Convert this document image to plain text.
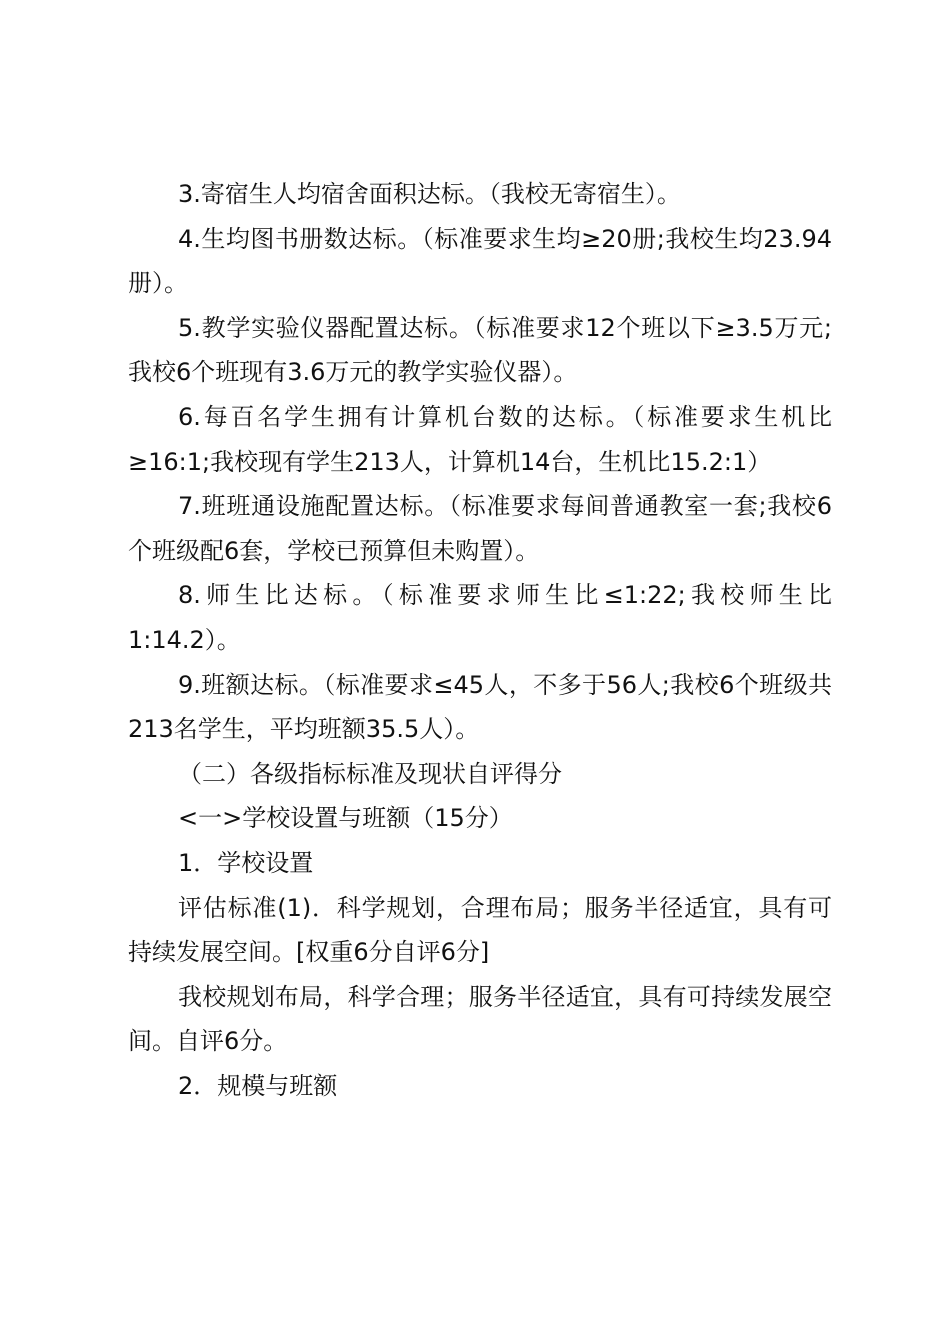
3.寄宿生人均宿舍面积达标。（我校无寄宿生）。

4.生均图书册数达标。（标准要求生均≥20册;我校生均23.94册）。

5.教学实验仪器配置达标。（标准要求12个班以下≥3.5万元;我校6个班现有3.6万元的教学实验仪器）。

6.每百名学生拥有计算机台数的达标。（标准要求生机比≥16:1;我校现有学生213人，计算机14台，生机比15.2:1）

7.班班通设施配置达标。（标准要求每间普通教室一套;我校6个班级配6套，学校已预算但未购置）。

8.师生比达标。（标准要求师生比≤1:22;我校师生比1:14.2）。

9.班额达标。（标准要求≤45人，不多于56人;我校6个班级共213名学生，平均班额35.5人）。

（二）各级指标标准及现状自评得分

<一>学校设置与班额（15分）

1．学校设置

评估标准(1)．科学规划，合理布局；服务半径适宜，具有可持续发展空间。[权重6分自评6分]

我校规划布局，科学合理；服务半径适宜，具有可持续发展空间。自评6分。

2．规模与班额
